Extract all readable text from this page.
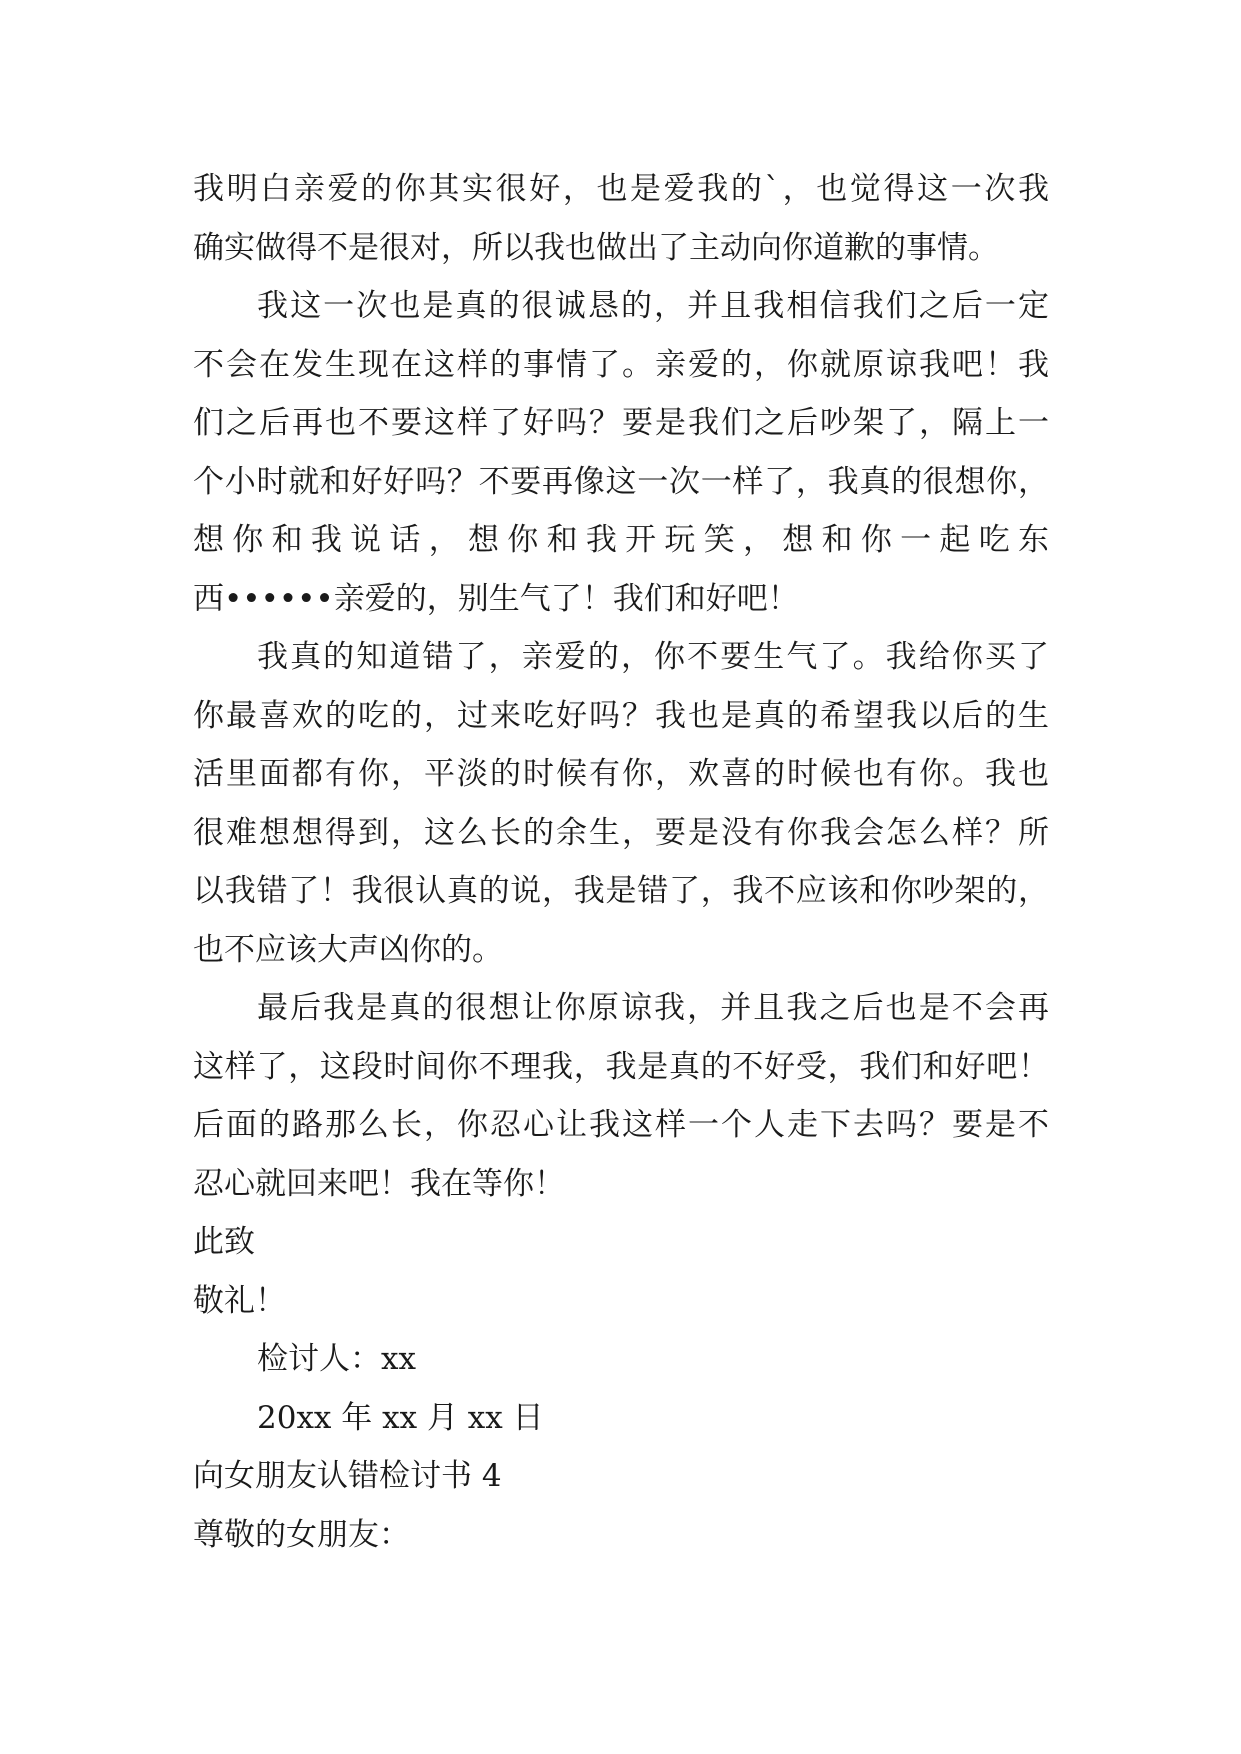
我明白亲爱的你其实很好，也是爱我的`，也觉得这一次我
确实做得不是很对，所以我也做出了主动向你道歉的事情。
我这一次也是真的很诚恳的，并且我相信我们之后一定
不会在发生现在这样的事情了。亲爱的，你就原谅我吧！我
们之后再也不要这样了好吗？要是我们之后吵架了，隔上一
个小时就和好好吗？不要再像这一次一样了，我真的很想你，
想你和我说话，想你和我开玩笑，想和你一起吃东
西••••••亲爱的，别生气了！我们和好吧！
我真的知道错了，亲爱的，你不要生气了。我给你买了
你最喜欢的吃的，过来吃好吗？我也是真的希望我以后的生
活里面都有你，平淡的时候有你，欢喜的时候也有你。我也
很难想想得到，这么长的余生，要是没有你我会怎么样？所
以我错了！我很认真的说，我是错了，我不应该和你吵架的，
也不应该大声凶你的。
最后我是真的很想让你原谅我，并且我之后也是不会再
这样了，这段时间你不理我，我是真的不好受，我们和好吧！
后面的路那么长，你忍心让我这样一个人走下去吗？要是不
忍心就回来吧！我在等你！
此致
敬礼！
检讨人：xx
20xx 年 xx 月 xx 日
向女朋友认错检讨书 4
尊敬的女朋友：
